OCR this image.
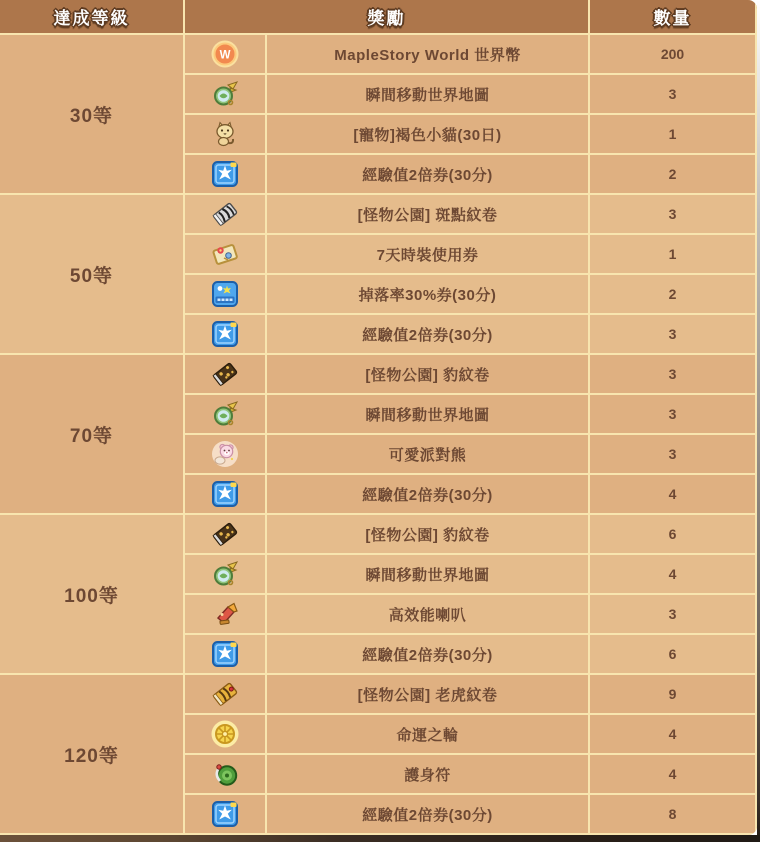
達成等級	獎勵	數量
30等
W	MapleStory World 世界幣	200
瞬間移動世界地圖	3
[寵物]褐色小貓(30日)	1
經驗值2倍券(30分)	2
50等
[怪物公園] 斑點紋卷	3
7天時裝使用券	1
掉落率30%券(30分)	2
經驗值2倍券(30分)	3
70等
[怪物公園] 豹紋卷	3
瞬間移動世界地圖	3
可愛派對熊	3
經驗值2倍券(30分)	4
100等
[怪物公園] 豹紋卷	6
瞬間移動世界地圖	4
高效能喇叭	3
經驗值2倍券(30分)	6
120等
[怪物公園] 老虎紋卷	9
命運之輪	4
護身符	4
經驗值2倍券(30分)	8
